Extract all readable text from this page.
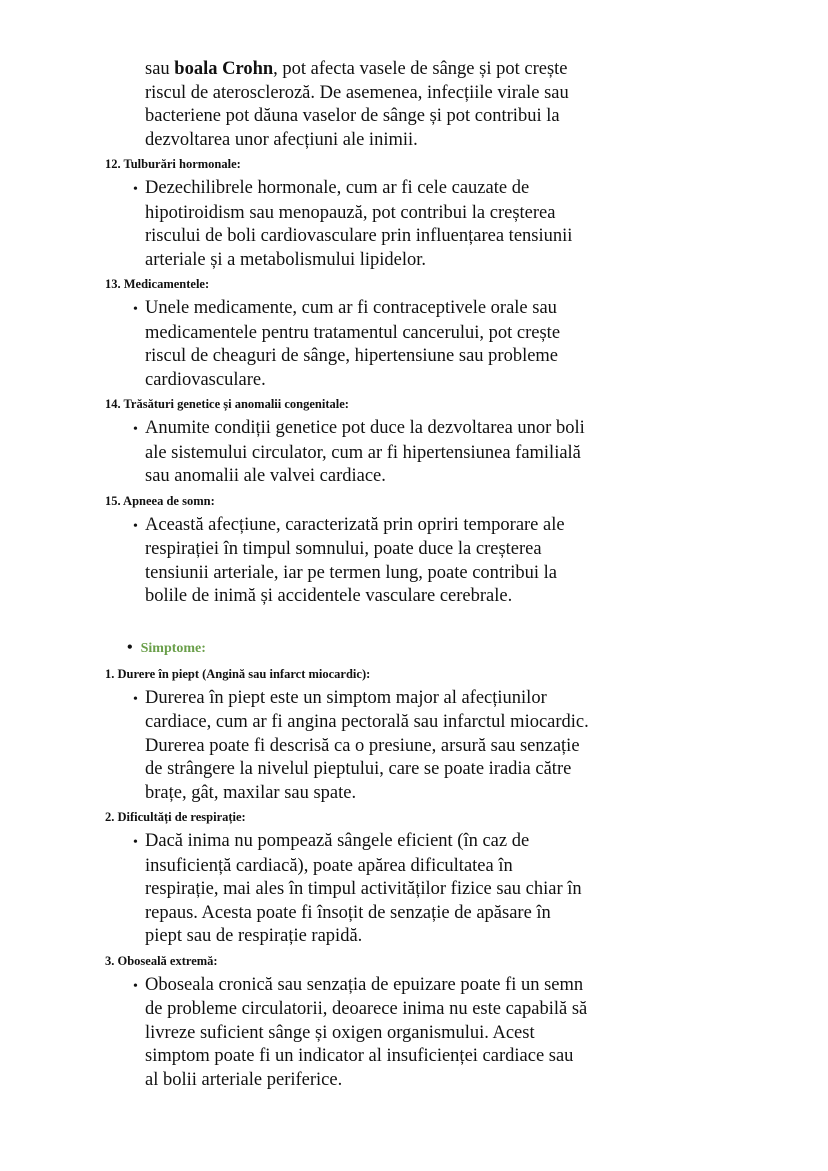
sau boala Crohn, pot afecta vasele de sânge și pot crește
riscul de ateroscleroză. De asemenea, infecțiile virale sau
bacteriene pot dăuna vaselor de sânge și pot contribui la
dezvoltarea unor afecțiuni ale inimii.
12. Tulburări hormonale:
• Dezechilibrele hormonale, cum ar fi cele cauzate de
hipotiroidism sau menopauză, pot contribui la creșterea
riscului de boli cardiovasculare prin influențarea tensiunii
arteriale și a metabolismului lipidelor.
13. Medicamentele:
• Unele medicamente, cum ar fi contraceptivele orale sau
medicamentele pentru tratamentul cancerului, pot crește
riscul de cheaguri de sânge, hipertensiune sau probleme
cardiovasculare.
14. Trăsături genetice și anomalii congenitale:
• Anumite condiții genetice pot duce la dezvoltarea unor boli
ale sistemului circulator, cum ar fi hipertensiunea familială
sau anomalii ale valvei cardiace.
15. Apneea de somn:
• Această afecțiune, caracterizată prin opriri temporare ale
respirației în timpul somnului, poate duce la creșterea
tensiunii arteriale, iar pe termen lung, poate contribui la
bolile de inimă și accidentele vasculare cerebrale.
• Simptome:
1. Durere în piept (Angină sau infarct miocardic):
• Durerea în piept este un simptom major al afecțiunilor
cardiace, cum ar fi angina pectorală sau infarctul miocardic.
Durerea poate fi descrisă ca o presiune, arsură sau senzație
de strângere la nivelul pieptului, care se poate iradia către
brațe, gât, maxilar sau spate.
2. Dificultăți de respirație:
• Dacă inima nu pompează sângele eficient (în caz de
insuficiență cardiacă), poate apărea dificultatea în
respirație, mai ales în timpul activităților fizice sau chiar în
repaus. Acesta poate fi însoțit de senzație de apăsare în
piept sau de respirație rapidă.
3. Oboseală extremă:
• Oboseala cronică sau senzația de epuizare poate fi un semn
de probleme circulatorii, deoarece inima nu este capabilă să
livreze suficient sânge și oxigen organismului. Acest
simptom poate fi un indicator al insuficienței cardiace sau
al bolii arteriale periferice.
